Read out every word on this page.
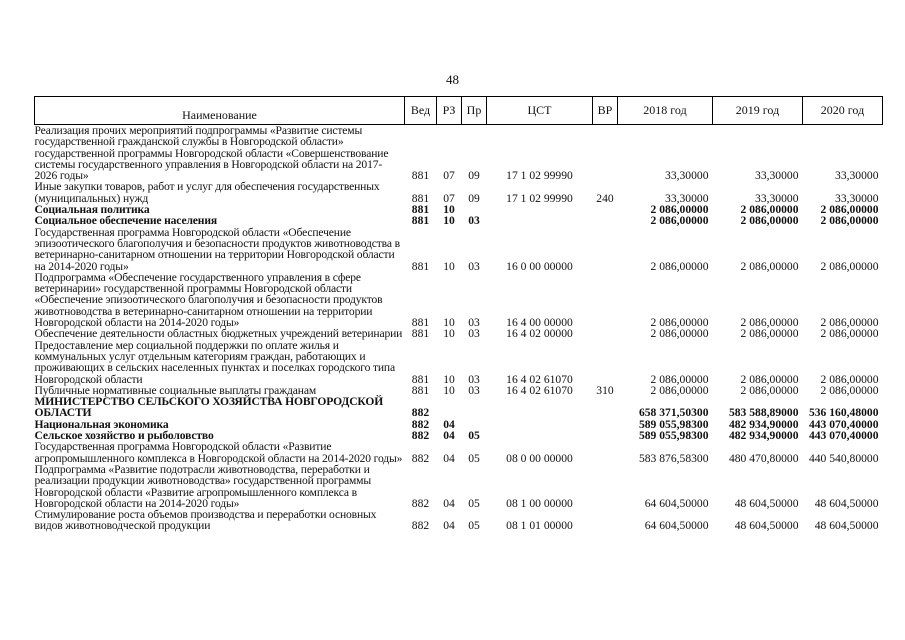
48
Наименование	Вед	РЗ	Пр	ЦСТ	ВР	2018 год	2019 год	2020 год
Реализация прочих мероприятий подпрограммы «Развитие системы государственной гражданской службы в Новгородской области» государственной программы Новгородской области «Совершенствование системы государственного управления в Новгородской области на 2017-2026 годы»	881	07	09	17 1 02 99990		33,30000	33,30000	33,30000
Иные закупки товаров, работ и услуг для обеспечения государственных (муниципальных) нужд	881	07	09	17 1 02 99990	240	33,30000	33,30000	33,30000
Социальная политика	881	10				2 086,00000	2 086,00000	2 086,00000
Социальное обеспечение населения	881	10	03			2 086,00000	2 086,00000	2 086,00000
Государственная программа Новгородской области «Обеспечение эпизоотического благополучия и безопасности продуктов животноводства в ветеринарно-санитарном отношении на территории Новгородской области на 2014-2020 годы»	881	10	03	16 0 00 00000		2 086,00000	2 086,00000	2 086,00000
Подпрограмма «Обеспечение государственного управления в сфере ветеринарии» государственной программы Новгородской области «Обеспечение эпизоотического благополучия и безопасности продуктов животноводства в ветеринарно-санитарном отношении на территории Новгородской области на 2014-2020 годы»	881	10	03	16 4 00 00000		2 086,00000	2 086,00000	2 086,00000
Обеспечение деятельности областных бюджетных учреждений ветеринарии	881	10	03	16 4 02 00000		2 086,00000	2 086,00000	2 086,00000
Предоставление мер социальной поддержки по оплате жилья и коммунальных услуг отдельным категориям граждан, работающих и проживающих в сельских населенных пунктах и поселках городского типа Новгородской области	881	10	03	16 4 02 61070		2 086,00000	2 086,00000	2 086,00000
Публичные нормативные социальные выплаты гражданам	881	10	03	16 4 02 61070	310	2 086,00000	2 086,00000	2 086,00000
МИНИСТЕРСТВО СЕЛЬСКОГО ХОЗЯЙСТВА НОВГОРОДСКОЙ ОБЛАСТИ	882					658 371,50300	583 588,89000	536 160,48000
Национальная экономика	882	04				589 055,98300	482 934,90000	443 070,40000
Сельское хозяйство и рыболовство	882	04	05			589 055,98300	482 934,90000	443 070,40000
Государственная программа Новгородской области «Развитие агропромышленного комплекса в Новгородской области на 2014-2020 годы»	882	04	05	08 0 00 00000		583 876,58300	480 470,80000	440 540,80000
Подпрограмма «Развитие подотрасли животноводства, переработки и реализации продукции животноводства» государственной программы Новгородской области «Развитие агропромышленного комплекса в Новгородской области на 2014-2020 годы»	882	04	05	08 1 00 00000		64 604,50000	48 604,50000	48 604,50000
Стимулирование роста объемов производства и переработки основных видов животноводческой продукции	882	04	05	08 1 01 00000		64 604,50000	48 604,50000	48 604,50000
